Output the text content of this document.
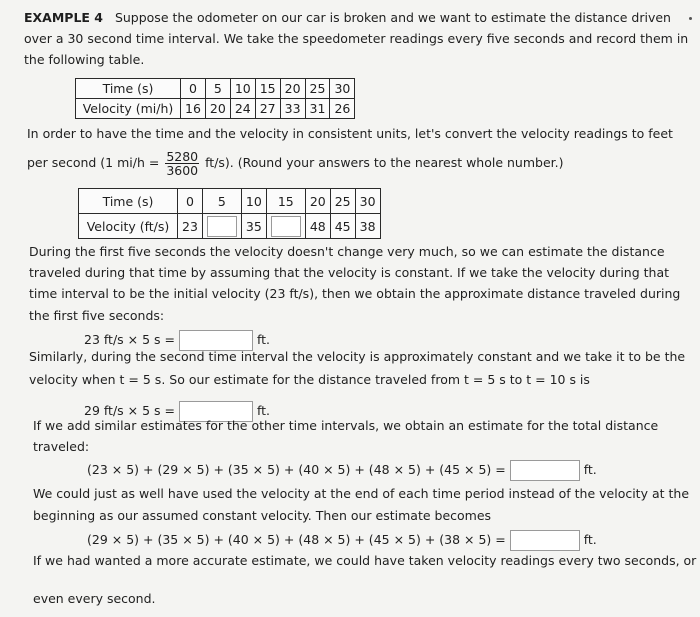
EXAMPLE 4 Suppose the odometer on our car is broken and we want to estimate the distance driven
over a 30 second time interval. We take the speedometer readings every five seconds and record them in
the following table.
Time (s)	0	5	10	15	20	25	30
Velocity (mi/h)	16	20	24	27	33	31	26
In order to have the time and the velocity in consistent units, let's convert the velocity readings to feet
per second (1 $mi/h = \frac{5280}{3600} ft/s$). (Round your answers to the nearest whole number.)
Time (s)	0	5	10	15	20	25	30
Velocity (ft/s)	23		35		48	45	38
During the first five seconds the velocity doesn't change very much, so we can estimate the distance
traveled during that time by assuming that the velocity is constant. If we take the velocity during that
time interval to be the initial velocity (23 ft/s), then we obtain the approximate distance traveled during
the first five seconds:
23 ft/s × 5 s =	ft.
Similarly, during the second time interval the velocity is approximately constant and we take it to be the
velocity when t = 5 s. So our estimate for the distance traveled from t = 5 s to t = 10 s is
29 ft/s × 5 s =	ft.
If we add similar estimates for the other time intervals, we obtain an estimate for the total distance
traveled:
(23 × 5) + (29 × 5) + (35 × 5) + (40 × 5) + (48 × 5) + (45 × 5) =	ft.
We could just as well have used the velocity at the end of each time period instead of the velocity at the
beginning as our assumed constant velocity. Then our estimate becomes
(29 × 5) + (35 × 5) + (40 × 5) + (48 × 5) + (45 × 5) + (38 × 5) =	ft.
If we had wanted a more accurate estimate, we could have taken velocity readings every two seconds, or
even every second.
